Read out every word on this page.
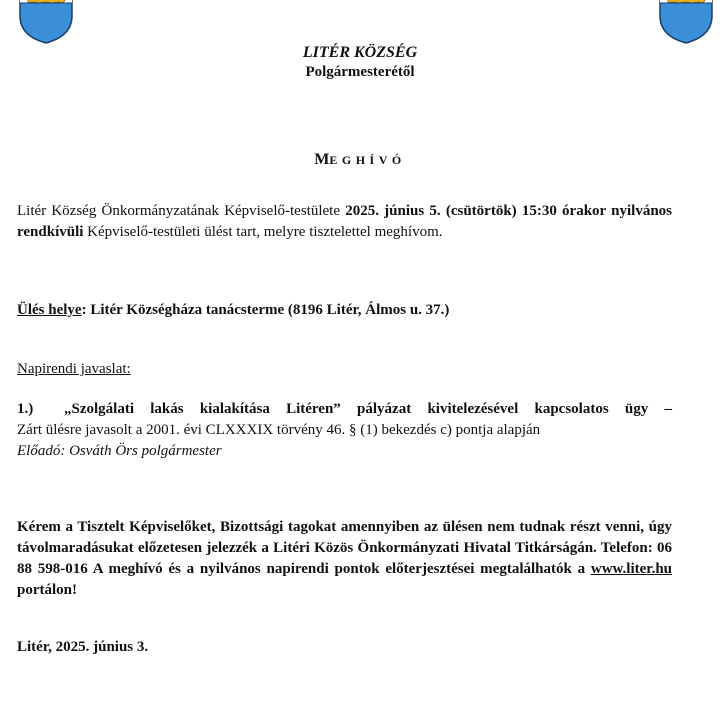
LITÉR KÖZSÉG
Polgármesterétől
MEGHÍVÓ
Litér Község Önkormányzatának Képviselő-testülete 2025. június 5. (csütörtök) 15:30 órakor nyilvános rendkívüli Képviselő-testületi ülést tart, melyre tisztelettel meghívom.
Ülés helye: Litér Községháza tanácsterme (8196 Litér, Álmos u. 37.)
Napirendi javaslat:
1.) „Szolgálati lakás kialakítása Litéren” pályázat kivitelezésével kapcsolatos ügy –
Zárt ülésre javasolt a 2001. évi CLXXXIX törvény 46. § (1) bekezdés c) pontja alapján
Előadó: Osváth Örs polgármester
Kérem a Tisztelt Képviselőket, Bizottsági tagokat amennyiben az ülésen nem tudnak részt venni, úgy távolmaradásukat előzetesen jelezzék a Litéri Közös Önkormányzati Hivatal Titkárságán. Telefon: 06 88 598-016 A meghívó és a nyilvános napirendi pontok előterjesztései megtalálhatók a www.liter.hu portálon!
Litér, 2025. június 3.
